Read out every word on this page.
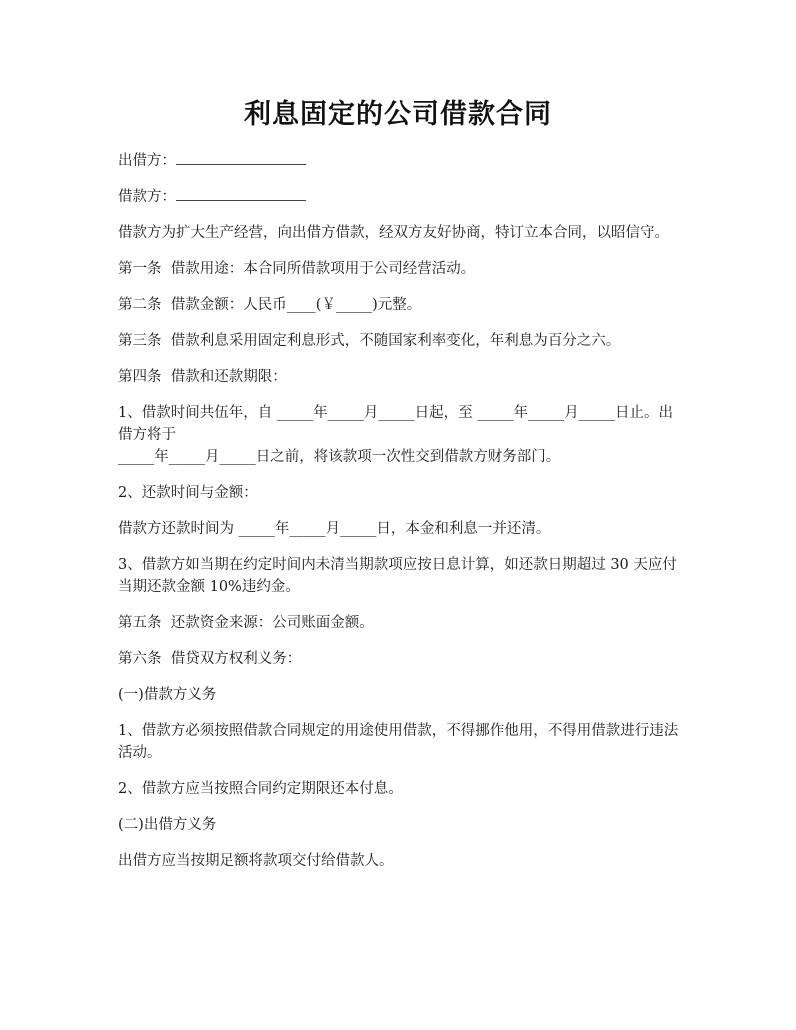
利息固定的公司借款合同

出借方：

借款方：

借款方为扩大生产经营，向出借方借款，经双方友好协商，特订立本合同，以昭信守。

第一条  借款用途：本合同所借款项用于公司经营活动。

第二条  借款金额：人民币____(￥_____)元整。

第三条  借款利息采用固定利息形式，不随国家利率变化，年利息为百分之六。

第四条  借款和还款期限：

1、借款时间共伍年，自 _____年_____月_____日起，至 _____年_____月_____日止。出借方将于
_____年_____月_____日之前，将该款项一次性交到借款方财务部门。

2、还款时间与金额：

借款方还款时间为 _____年_____月_____日，本金和利息一并还清。

3、借款方如当期在约定时间内未清当期款项应按日息计算，如还款日期超过 30 天应付当期还款金额 10%违约金。

第五条  还款资金来源：公司账面金额。

第六条  借贷双方权利义务：

(一)借款方义务

1、借款方必须按照借款合同规定的用途使用借款，不得挪作他用，不得用借款进行违法活动。

2、借款方应当按照合同约定期限还本付息。

(二)出借方义务

出借方应当按期足额将款项交付给借款人。
